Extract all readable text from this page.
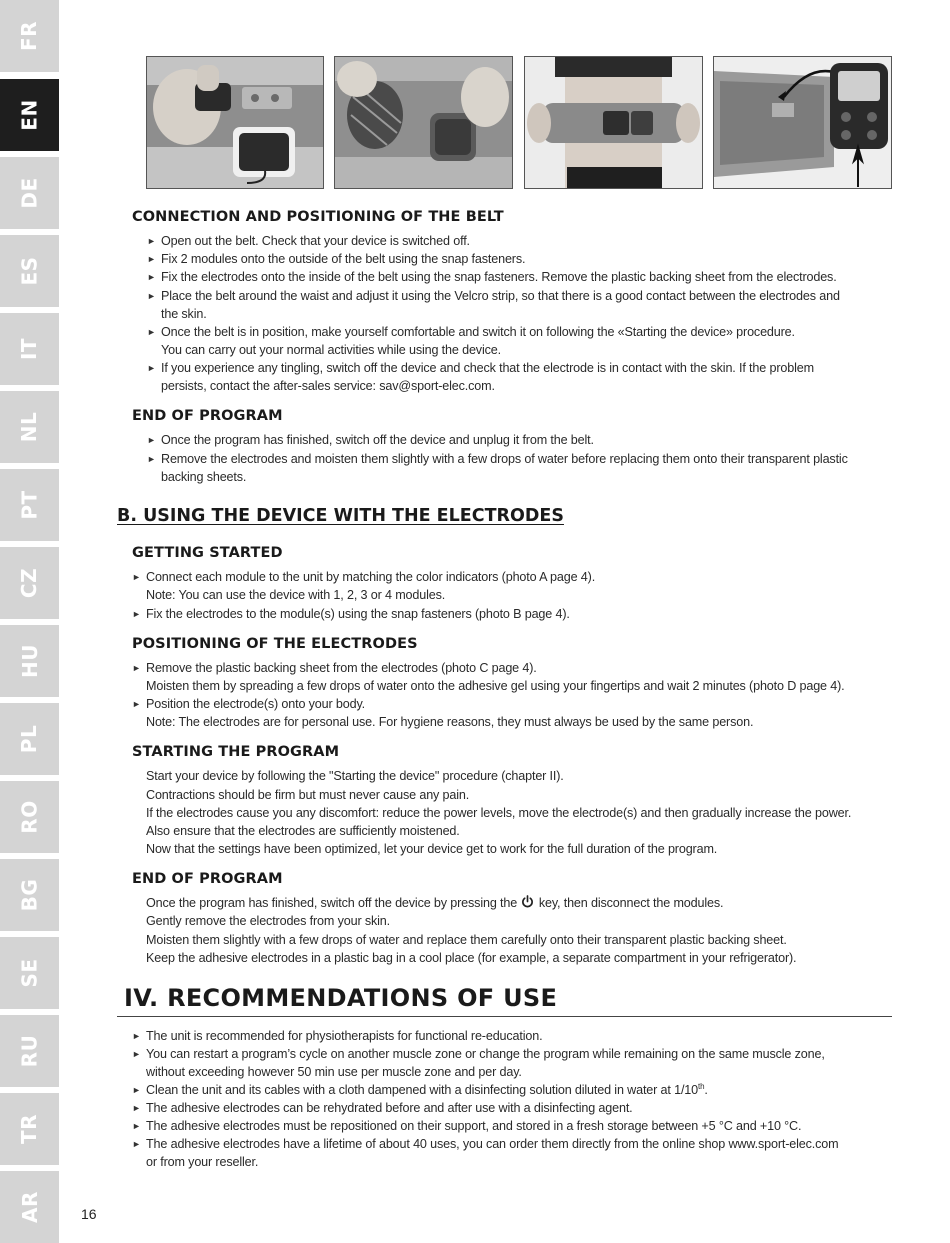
FR
EN
DE
ES
IT
NL
PT
CZ
HU
PL
RO
BG
SE
RU
TR
AR
CONNECTION AND POSITIONING OF THE BELT
► Open out the belt. Check that your device is switched off.
► Fix 2 modules onto the outside of the belt using the snap fasteners.
► Fix the electrodes onto the inside of the belt using the snap fasteners. Remove the plastic backing sheet from the electrodes.
► Place the belt around the waist and adjust it using the Velcro strip, so that there is a good contact between the electrodes and
the skin.
► Once the belt is in position, make yourself comfortable and switch it on following the «Starting the device» procedure.
You can carry out your normal activities while using the device.
► If you experience any tingling, switch off the device and check that the electrode is in contact with the skin. If the problem
persists, contact the after-sales service: sav@sport-elec.com.
END OF PROGRAM
► Once the program has finished, switch off the device and unplug it from the belt.
► Remove the electrodes and moisten them slightly with a few drops of water before replacing them onto their transparent plastic
backing sheets.
B. USING THE DEVICE WITH THE ELECTRODES
GETTING STARTED
► Connect each module to the unit by matching the color indicators (photo A page 4).
Note: You can use the device with 1, 2, 3 or 4 modules.
► Fix the electrodes to the module(s) using the snap fasteners (photo B page 4).
POSITIONING OF THE ELECTRODES
► Remove the plastic backing sheet from the electrodes (photo C page 4).
Moisten them by spreading a few drops of water onto the adhesive gel using your fingertips and wait 2 minutes (photo D page 4).
► Position the electrode(s) onto your body.
Note: The electrodes are for personal use. For hygiene reasons, they must always be used by the same person.
STARTING THE PROGRAM
Start your device by following the "Starting the device" procedure (chapter II).
Contractions should be firm but must never cause any pain.
If the electrodes cause you any discomfort: reduce the power levels, move the electrode(s) and then gradually increase the power.
Also ensure that the electrodes are sufficiently moistened.
Now that the settings have been optimized, let your device get to work for the full duration of the program.
END OF PROGRAM
Once the program has finished, switch off the device by pressing the key, then disconnect the modules.
Gently remove the electrodes from your skin.
Moisten them slightly with a few drops of water and replace them carefully onto their transparent plastic backing sheet.
Keep the adhesive electrodes in a plastic bag in a cool place (for example, a separate compartment in your refrigerator).
IV. RECOMMENDATIONS OF USE
► The unit is recommended for physiotherapists for functional re-education.
► You can restart a program’s cycle on another muscle zone or change the program while remaining on the same muscle zone,
without exceeding however 50 min use per muscle zone and per day.
► Clean the unit and its cables with a cloth dampened with a disinfecting solution diluted in water at 1/10th.
► The adhesive electrodes can be rehydrated before and after use with a disinfecting agent.
► The adhesive electrodes must be repositioned on their support, and stored in a fresh storage between +5 °C and +10 °C.
► The adhesive electrodes have a lifetime of about 40 uses, you can order them directly from the online shop www.sport-elec.com
or from your reseller.
16
